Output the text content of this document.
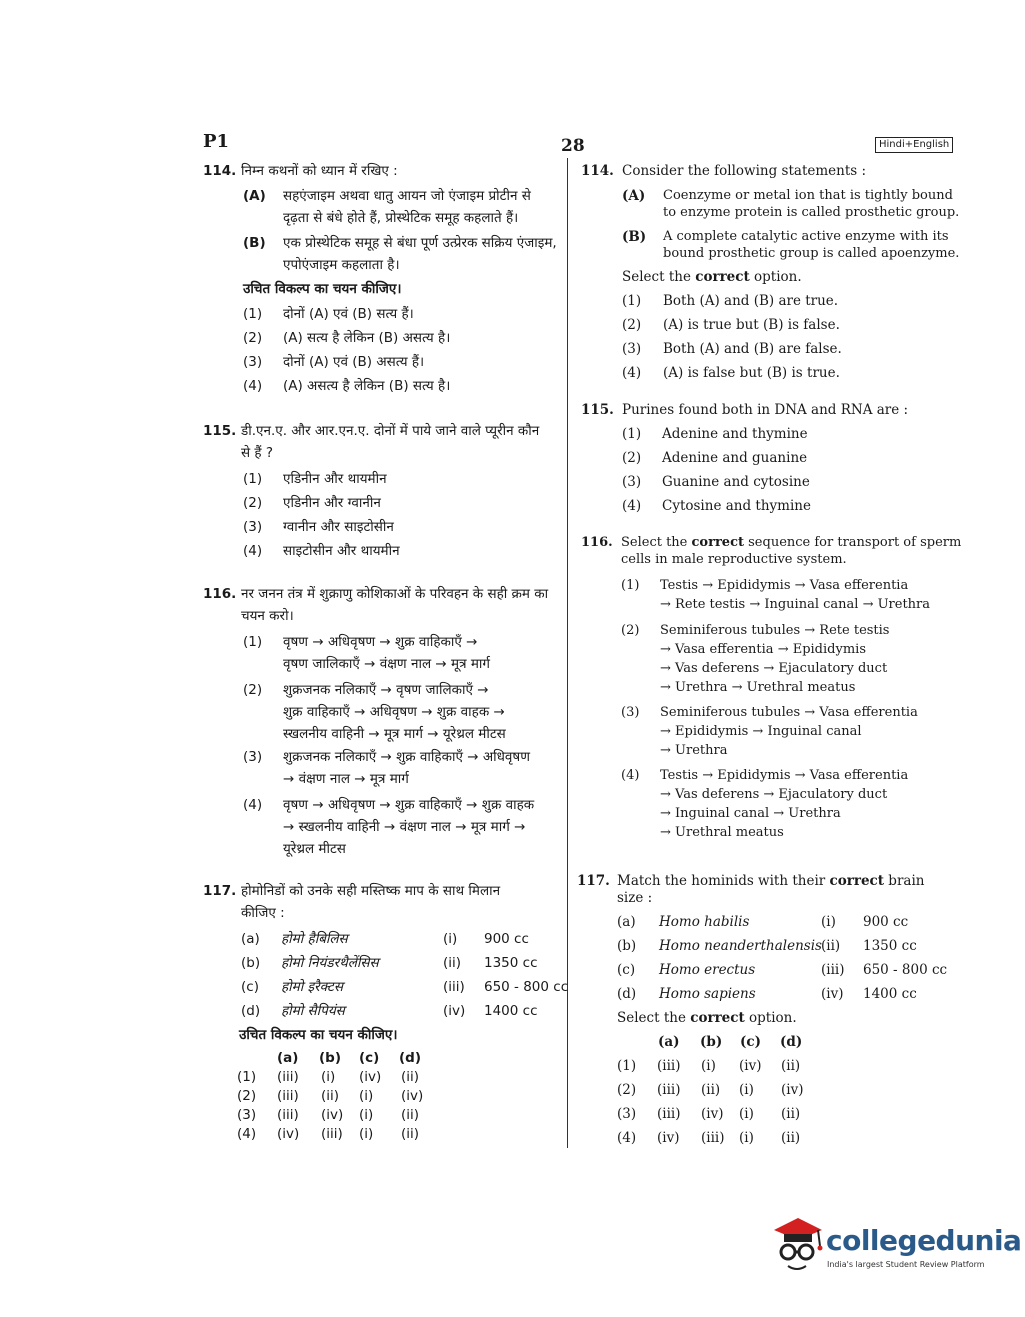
P1	28	Hindi+English
114. निम्न कथनों को ध्यान में रखिए :
(A) सहएंजाइम अथवा धातु आयन जो एंजाइम प्रोटीन से
दृढ़ता से बंधे होते हैं, प्रोस्थेटिक समूह कहलाते हैं।
(B) एक प्रोस्थेटिक समूह से बंधा पूर्ण उत्प्रेरक सक्रिय एंजाइम,
एपोएंजाइम कहलाता है।
उचित विकल्प का चयन कीजिए।
(1) दोनों (A) एवं (B) सत्य हैं।
(2) (A) सत्य है लेकिन (B) असत्य है।
(3) दोनों (A) एवं (B) असत्य हैं।
(4) (A) असत्य है लेकिन (B) सत्य है।
115. डी.एन.ए. और आर.एन.ए. दोनों में पाये जाने वाले प्यूरीन कौन
से हैं ?
(1) एडिनीन और थायमीन
(2) एडिनीन और ग्वानीन
(3) ग्वानीन और साइटोसीन
(4) साइटोसीन और थायमीन
116. नर जनन तंत्र में शुक्राणु कोशिकाओं के परिवहन के सही क्रम का
चयन करो।
(1) वृषण → अधिवृषण → शुक्र वाहिकाएँ →
वृषण जालिकाएँ → वंक्षण नाल → मूत्र मार्ग
(2) शुक्रजनक नलिकाएँ → वृषण जालिकाएँ →
शुक्र वाहिकाएँ → अधिवृषण → शुक्र वाहक →
स्खलनीय वाहिनी → मूत्र मार्ग → यूरेथ्रल मीटस
(3) शुक्रजनक नलिकाएँ → शुक्र वाहिकाएँ → अधिवृषण
→ वंक्षण नाल → मूत्र मार्ग
(4) वृषण → अधिवृषण → शुक्र वाहिकाएँ → शुक्र वाहक
→ स्खलनीय वाहिनी → वंक्षण नाल → मूत्र मार्ग →
यूरेथ्रल मीटस
117. होमोनिडों को उनके सही मस्तिष्क माप के साथ मिलान
कीजिए :
(a) होमो हैबिलिस	(i) 900 cc
(b) होमो नियंडरथैलेंसिस	(ii) 1350 cc
(c) होमो इरैक्टस	(iii) 650 - 800 cc
(d) होमो सैपियंस	(iv) 1400 cc
उचित विकल्प का चयन कीजिए।
(a) (b) (c) (d)
(1) (iii) (i) (iv) (ii)
(2) (iii) (ii) (i) (iv)
(3) (iii) (iv) (i) (ii)
(4) (iv) (iii) (i) (ii)
114. Consider the following statements :
(A) Coenzyme or metal ion that is tightly bound
to enzyme protein is called prosthetic group.
(B) A complete catalytic active enzyme with its
bound prosthetic group is called apoenzyme.
Select the correct option.
(1) Both (A) and (B) are true.
(2) (A) is true but (B) is false.
(3) Both (A) and (B) are false.
(4) (A) is false but (B) is true.
115. Purines found both in DNA and RNA are :
(1) Adenine and thymine
(2) Adenine and guanine
(3) Guanine and cytosine
(4) Cytosine and thymine
116. Select the correct sequence for transport of sperm
cells in male reproductive system.
(1) Testis → Epididymis → Vasa efferentia
→ Rete testis → Inguinal canal → Urethra
(2) Seminiferous tubules → Rete testis
→ Vasa efferentia → Epididymis
→ Vas deferens → Ejaculatory duct
→ Urethra → Urethral meatus
(3) Seminiferous tubules → Vasa efferentia
→ Epididymis → Inguinal canal
→ Urethra
(4) Testis → Epididymis → Vasa efferentia
→ Vas deferens → Ejaculatory duct
→ Inguinal canal → Urethra
→ Urethral meatus
117. Match the hominids with their correct brain
size :
(a) Homo habilis	(i) 900 cc
(b) Homo neanderthalensis (ii) 1350 cc
(c) Homo erectus	(iii) 650 - 800 cc
(d) Homo sapiens	(iv) 1400 cc
Select the correct option.
(a) (b) (c) (d)
(1) (iii) (i) (iv) (ii)
(2) (iii) (ii) (i) (iv)
(3) (iii) (iv) (i) (ii)
(4) (iv) (iii) (i) (ii)
collegedunia
India's largest Student Review Platform
